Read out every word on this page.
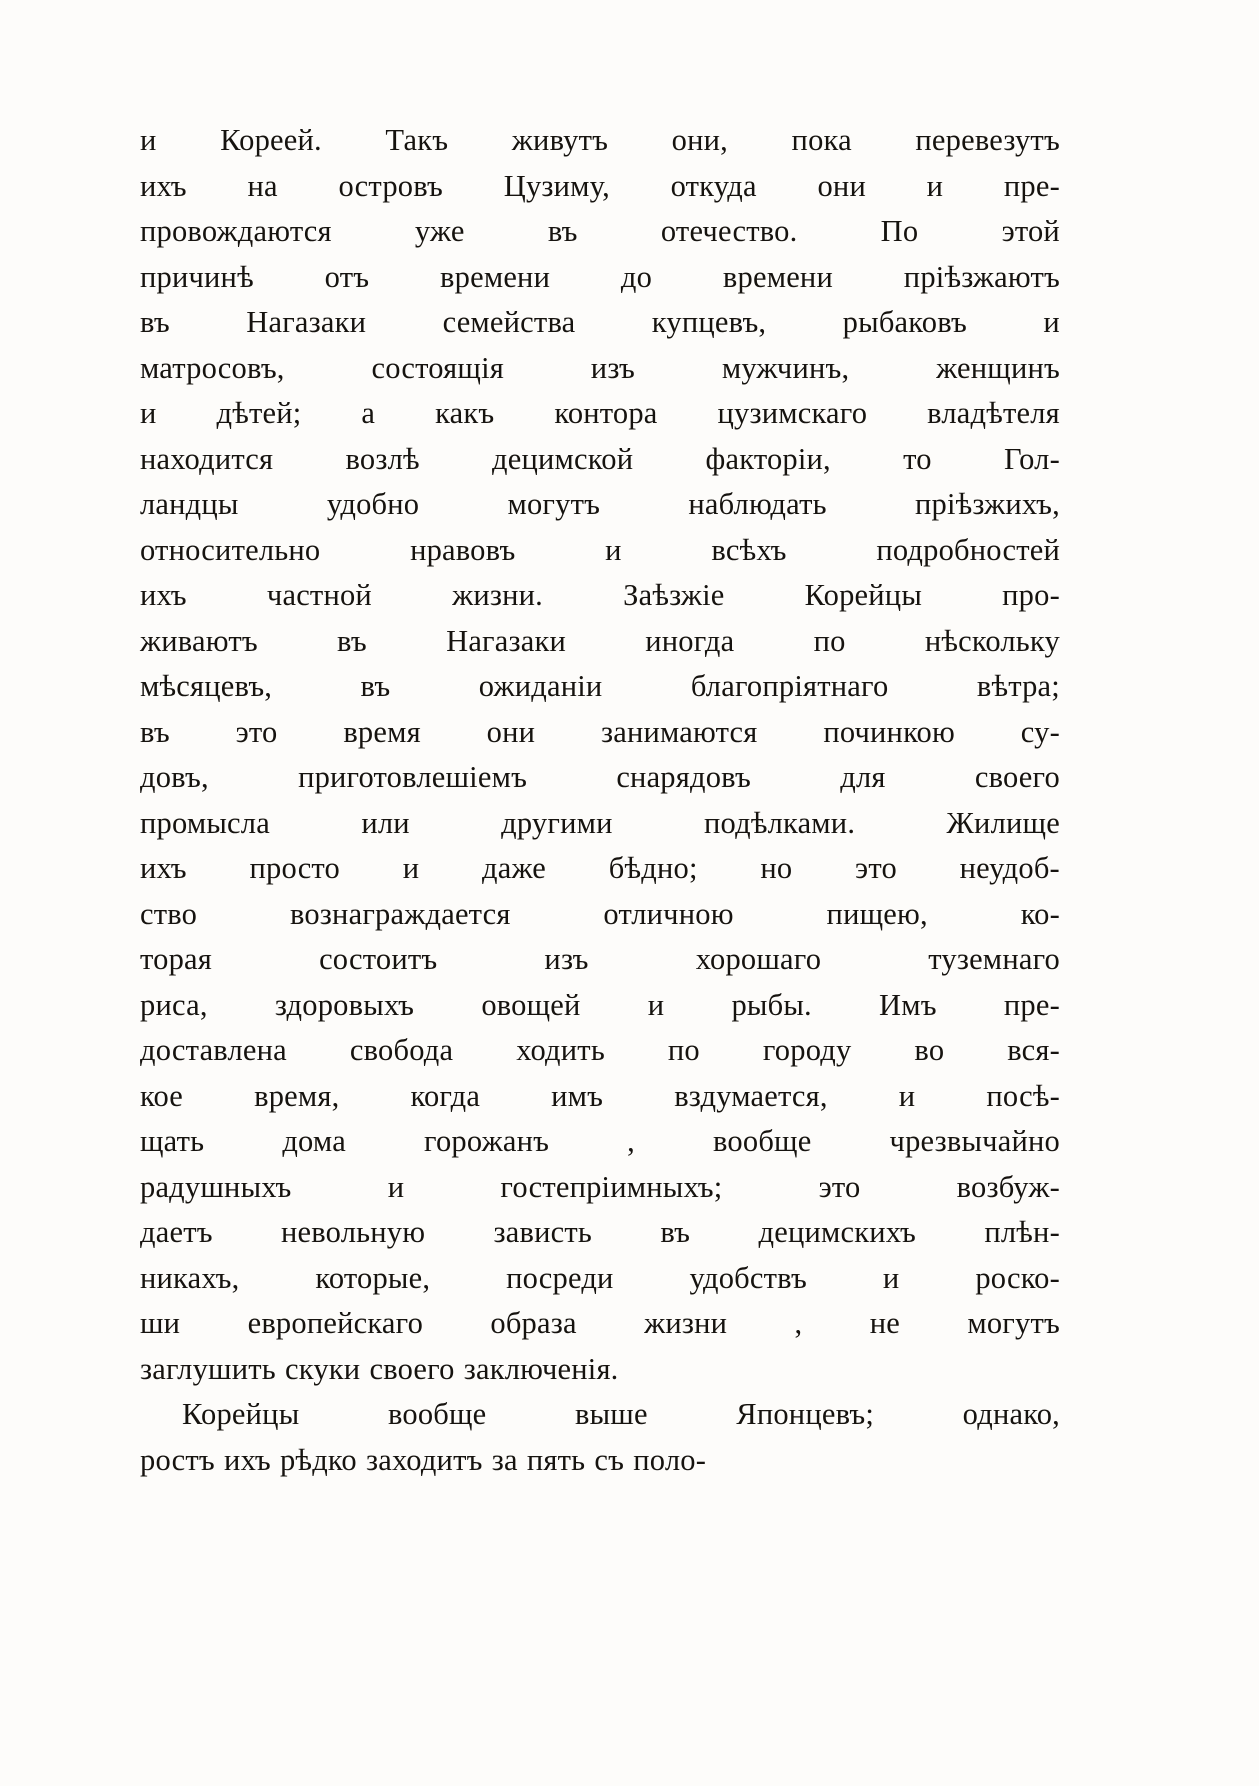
и Кореей. Такъ живутъ они, пока перевезутъ
ихъ на островъ Цузиму, откуда они и пре-
провождаются	уже	въ	отечество.	По	этой
причинѣ отъ времени до времени прiѣзжаютъ
въ	Нагазаки	семейства	купцевъ,	рыбаковъ	и
матросовъ,	состоящія	изъ	мужчинъ,	женщинъ
и дѣтей; а какъ контора цузимскаго владѣтеля
находится возлѣ децимской факторіи, то Гол-
ландцы	удобно	могутъ	наблюдать	прiѣзжихъ,
относительно	нравовъ	и	всѣхъ	подробностей
ихъ	частной	жизни.	Заѣзжіе	Корейцы	про-
живаютъ	въ	Нагазаки	иногда	по	нѣскольку
мѣсяцевъ,	въ	ожиданіи	благопріятнаго	вѣтра;
въ это время они занимаются починкою су-
довъ,	приготовлешіемъ	снарядовъ	для	своего
промысла	или	другими	подѣлками.	Жилище
ихъ просто и даже бѣдно; но это неудоб-
ство	вознаграждается	отличною	пищею,	ко-
торая	состоитъ	изъ	хорошаго	туземнаго
риса, здоровыхъ овощей и рыбы. Имъ пре-
доставлена свобода ходить по городу во вся-
кое время, когда имъ вздумается, и посѣ-
щать	дома	горожанъ	,	вообще	чрезвычайно
радушныхъ	и	гостепріимныхъ;	это	возбуж-
даетъ невольную зависть въ децимскихъ плѣн-
никахъ, которые, посреди удобствъ и роско-
ши европейскаго образа жизни , не могутъ
заглушить скуки своего заключенія.
Корейцы	вообще	выше	Японцевъ;	однако,
ростъ ихъ рѣдко заходитъ за пять съ поло-
